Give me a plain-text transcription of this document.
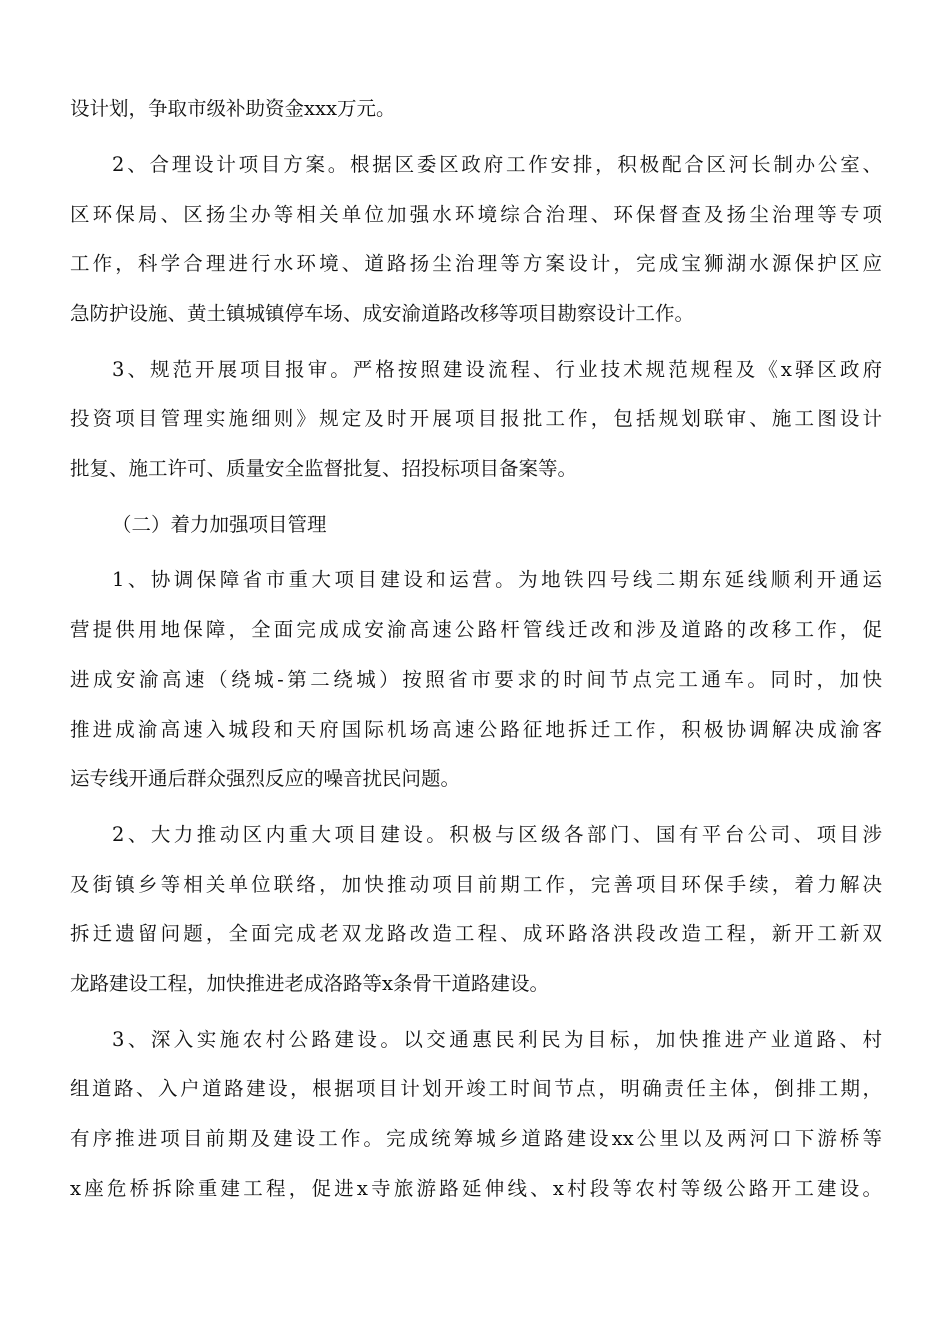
设计划，争取市级补助资金xxx万元。
2、合理设计项目方案。根据区委区政府工作安排，积极配合区河长制办公室、
区环保局、区扬尘办等相关单位加强水环境综合治理、环保督查及扬尘治理等专项
工作，科学合理进行水环境、道路扬尘治理等方案设计，完成宝狮湖水源保护区应
急防护设施、黄土镇城镇停车场、成安渝道路改移等项目勘察设计工作。
3、规范开展项目报审。严格按照建设流程、行业技术规范规程及《x驿区政府
投资项目管理实施细则》规定及时开展项目报批工作，包括规划联审、施工图设计
批复、施工许可、质量安全监督批复、招投标项目备案等。
（二）着力加强项目管理
1、协调保障省市重大项目建设和运营。为地铁四号线二期东延线顺利开通运
营提供用地保障，全面完成成安渝高速公路杆管线迁改和涉及道路的改移工作，促
进成安渝高速（绕城-第二绕城）按照省市要求的时间节点完工通车。同时，加快
推进成渝高速入城段和天府国际机场高速公路征地拆迁工作，积极协调解决成渝客
运专线开通后群众强烈反应的噪音扰民问题。
2、大力推动区内重大项目建设。积极与区级各部门、国有平台公司、项目涉
及街镇乡等相关单位联络，加快推动项目前期工作，完善项目环保手续，着力解决
拆迁遗留问题，全面完成老双龙路改造工程、成环路洛洪段改造工程，新开工新双
龙路建设工程，加快推进老成洛路等x条骨干道路建设。
3、深入实施农村公路建设。以交通惠民利民为目标，加快推进产业道路、村
组道路、入户道路建设，根据项目计划开竣工时间节点，明确责任主体，倒排工期，
有序推进项目前期及建设工作。完成统筹城乡道路建设xx公里以及两河口下游桥等
x座危桥拆除重建工程，促进x寺旅游路延伸线、x村段等农村等级公路开工建设。
